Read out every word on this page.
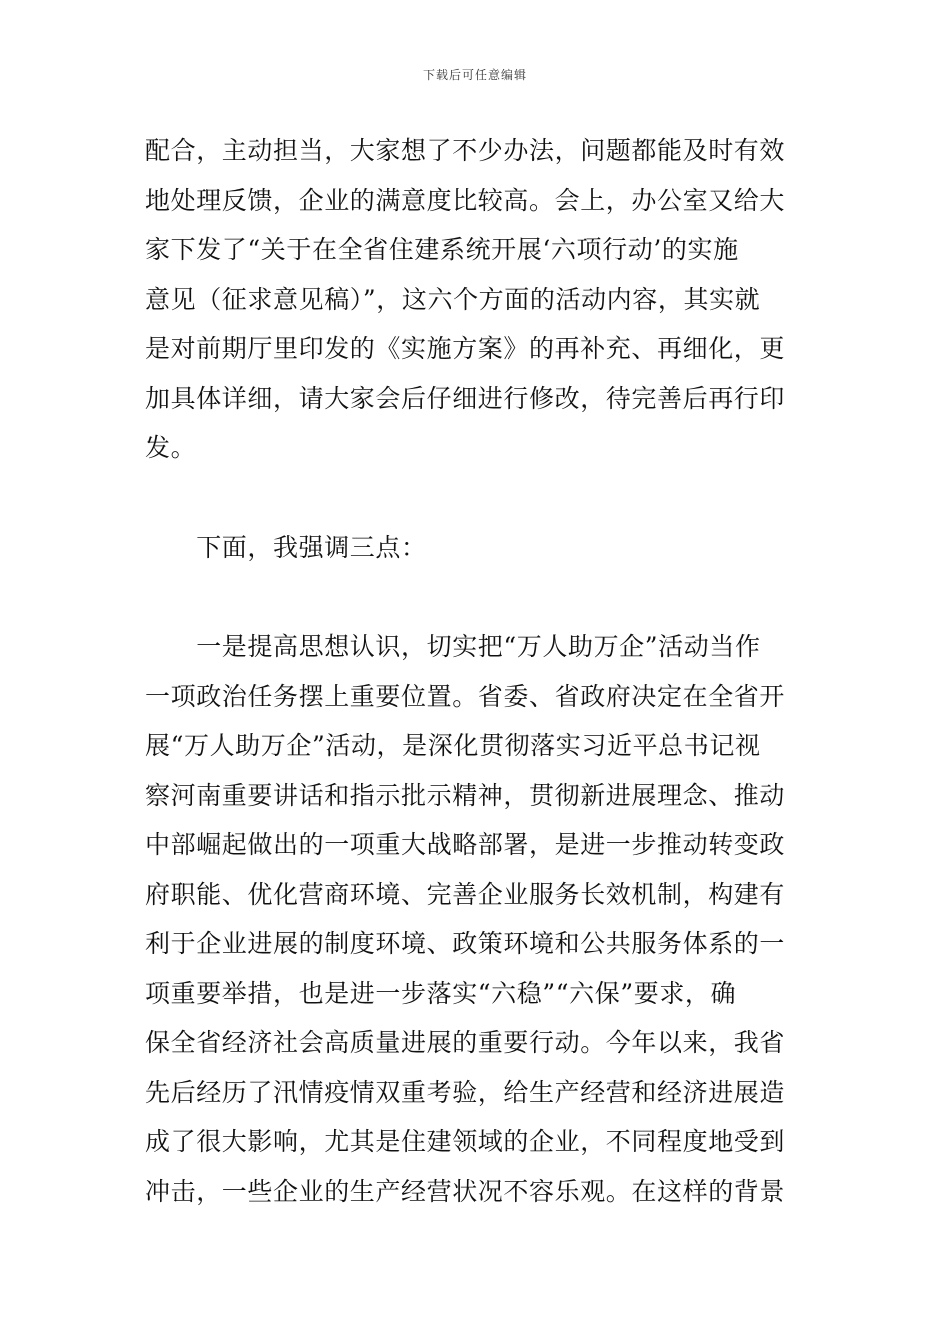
下载后可任意编辑
配合，主动担当，大家想了不少办法，问题都能及时有效
地处理反馈，企业的满意度比较高。会上，办公室又给大
家下发了“关于在全省住建系统开展‘六项行动’的实施
意见（征求意见稿）”，这六个方面的活动内容，其实就
是对前期厅里印发的《实施方案》的再补充、再细化，更
加具体详细，请大家会后仔细进行修改，待完善后再行印
发。
　　下面，我强调三点：
　　一是提高思想认识，切实把“万人助万企”活动当作
一项政治任务摆上重要位置。省委、省政府决定在全省开
展“万人助万企”活动，是深化贯彻落实习近平总书记视
察河南重要讲话和指示批示精神，贯彻新进展理念、推动
中部崛起做出的一项重大战略部署，是进一步推动转变政
府职能、优化营商环境、完善企业服务长效机制，构建有
利于企业进展的制度环境、政策环境和公共服务体系的一
项重要举措，也是进一步落实“六稳”“六保”要求，确
保全省经济社会高质量进展的重要行动。今年以来，我省
先后经历了汛情疫情双重考验，给生产经营和经济进展造
成了很大影响，尤其是住建领域的企业，不同程度地受到
冲击，一些企业的生产经营状况不容乐观。在这样的背景
